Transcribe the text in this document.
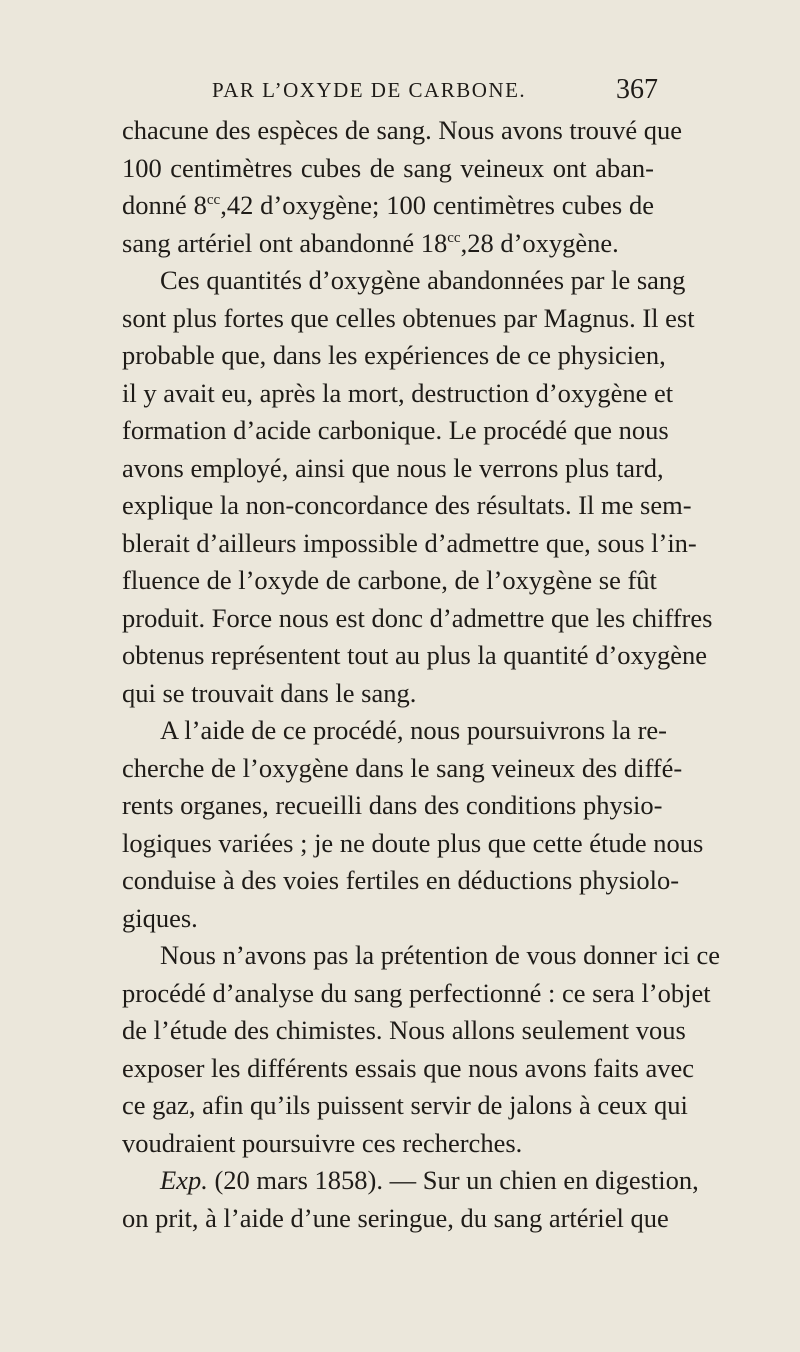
PAR L’OXYDE DE CARBONE.	367
chacune des espèces de sang. Nous avons trouvé que
100 centimètres cubes de sang veineux ont aban-
donné $8^{cc},42$ d’oxygène; 100 centimètres cubes de
sang artériel ont abandonné $18^{cc},28$ d’oxygène.
Ces quantités d’oxygène abandonnées par le sang
sont plus fortes que celles obtenues par Magnus. Il est
probable que, dans les expériences de ce physicien,
il y avait eu, après la mort, destruction d’oxygène et
formation d’acide carbonique. Le procédé que nous
avons employé, ainsi que nous le verrons plus tard,
explique la non-concordance des résultats. Il me sem-
blerait d’ailleurs impossible d’admettre que, sous l’in-
fluence de l’oxyde de carbone, de l’oxygène se fût
produit. Force nous est donc d’admettre que les chiffres
obtenus représentent tout au plus la quantité d’oxygène
qui se trouvait dans le sang.
A l’aide de ce procédé, nous poursuivrons la re-
cherche de l’oxygène dans le sang veineux des diffé-
rents organes, recueilli dans des conditions physio-
logiques variées ; je ne doute plus que cette étude nous
conduise à des voies fertiles en déductions physiolo-
giques.
Nous n’avons pas la prétention de vous donner ici ce
procédé d’analyse du sang perfectionné : ce sera l’objet
de l’étude des chimistes. Nous allons seulement vous
exposer les différents essais que nous avons faits avec
ce gaz, afin qu’ils puissent servir de jalons à ceux qui
voudraient poursuivre ces recherches.
Exp. (20 mars 1858). — Sur un chien en digestion,
on prit, à l’aide d’une seringue, du sang artériel que
